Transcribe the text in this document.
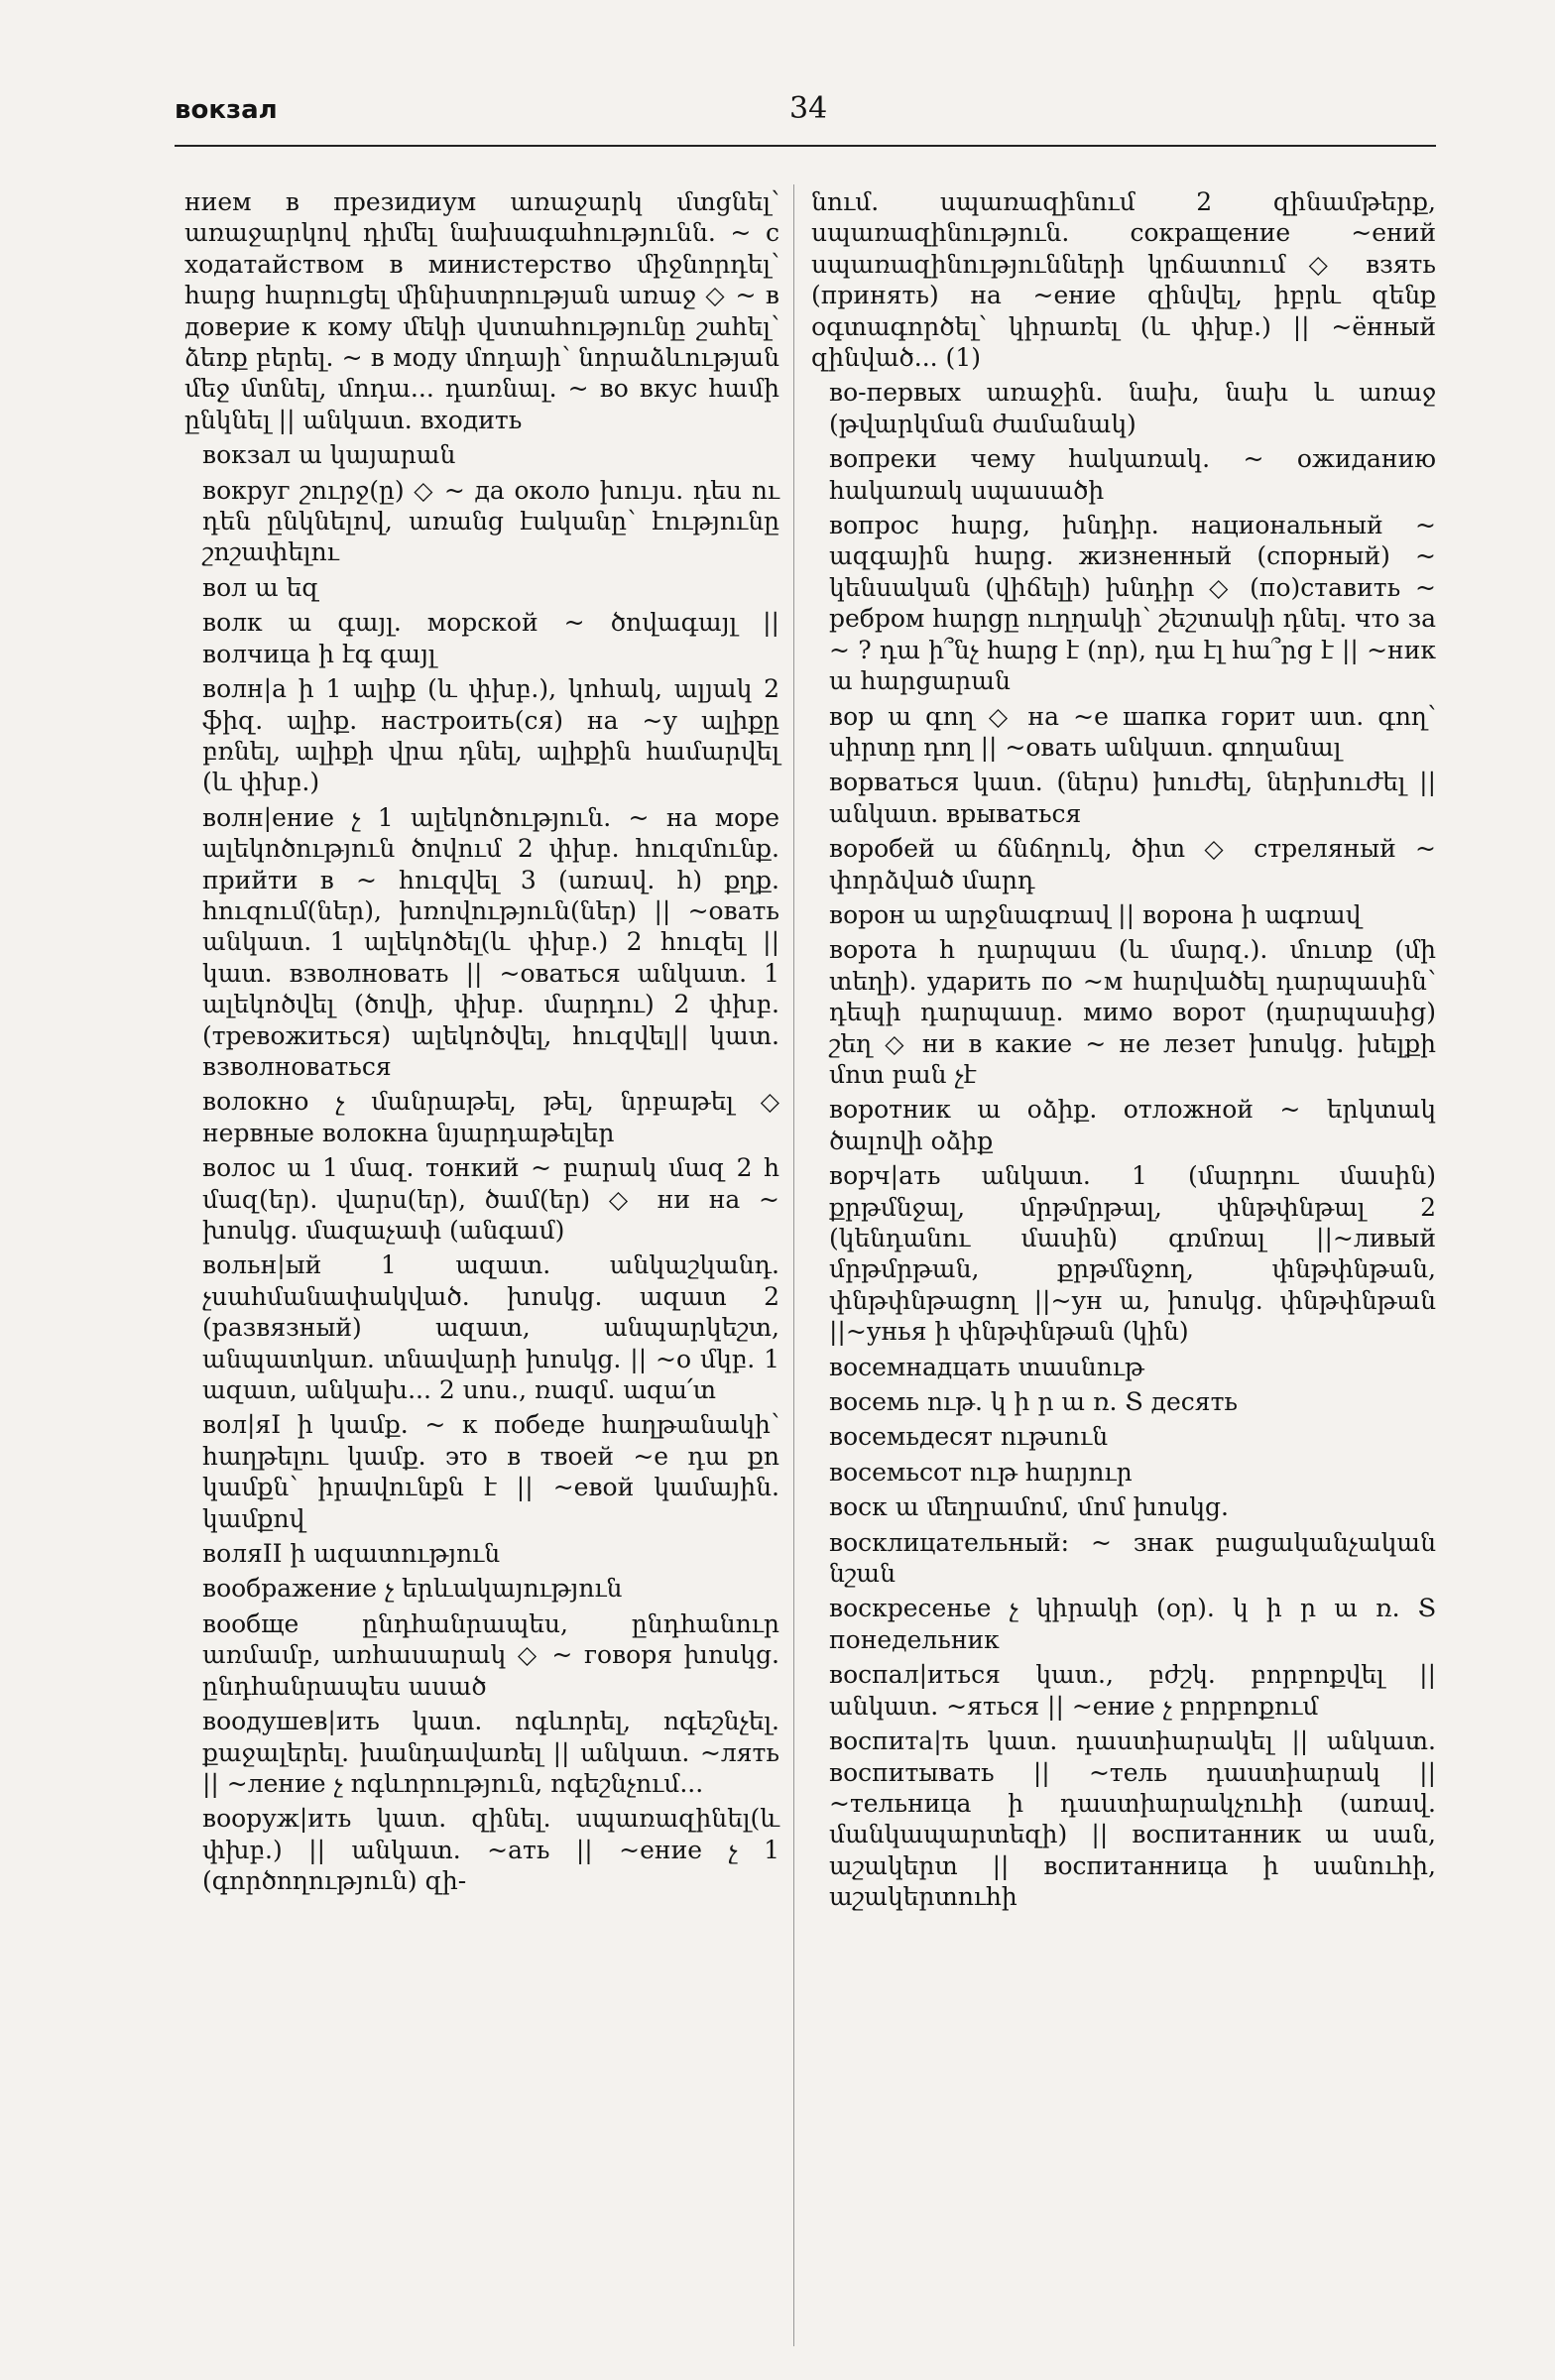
вокзал	34
нием в президиум առաջարկ մտցնել՝ առաջարկով դիմել նախագահությունն. ~ с ходатайством в министерство միջնորդել՝ հարց հարուցել մինիստրության առաջ ◇ ~ в доверие к кому մեկի վստահությունը շահել՝ ձեռք բերել. ~ в моду մոդայի՝ նորաձևության մեջ մտնել, մոդա... դառնալ. ~ во вкус համի ընկնել || անկատ. входить
вокзал ա կայարան
вокруг շուրջ(ը) ◇ ~ да около խույս. դես ու դեն ընկնելով, առանց էականը՝ էությունը շոշափելու
вол ա եզ
волк ա գայլ. морской ~ ծովագայլ || волчица ի էգ գայլ
волн|а ի 1 ալիք (և փխբ.), կոհակ, ալյակ 2 ֆիզ. ալիք. настроить(ся) на ~у ալիքը բռնել, ալիքի վրա դնել, ալիքին համարվել (և փխբ.)
волн|ение չ 1 ալեկոծություն. ~ на море ալեկոծություն ծովում 2 փխբ. հուզմունք. прийти в ~ հուզվել 3 (առավ. հ) քղք. հուզում(ներ), խռովություն(ներ) || ~овать անկատ. 1 ալեկոծել(և փխբ.) 2 հուզել || կատ. взволновать || ~оваться անկատ. 1 ալեկոծվել (ծովի, փխբ. մարդու) 2 փխբ. (тревожиться) ալեկոծվել, հուզվել|| կատ. взволноваться
волокно չ մանրաթել, թել, նրբաթել ◇ нервные волокна նյարդաթելեր
волос ա 1 մազ. тонкий ~ բարակ մազ 2 հ մազ(եր). վարս(եր), ծամ(եր) ◇ ни на ~ խոսկց. մազաչափ (անգամ)
вольн|ый 1 ազատ. անկաշկանդ. չսահմանափակված. խոսկց. ազատ 2 (развязный) ազատ, անպարկեշտ, անպատկառ. տնավարի խոսկց. || ~о մկբ. 1 ազատ, անկախ... 2 սոս., ռազմ. ազա՛տ
вол|яI ի կամք. ~ к победе հաղթանակի՝ հաղթելու կամք. это в твоей ~е դա քո կամքն՝ իրավունքն է || ~евой կամային. կամքով
воляII ի ազատություն
воображение չ երևակայություն
вообще ընդհանրապես, ընդհանուր առմամբ, առհասարակ ◇ ~ говоря խոսկց. ընդհանրապես ասած
воодушев|ить կատ. ոգևորել, ոգեշնչել. քաջալերել. խանդավառել || անկատ. ~лять || ~ление չ ոգևորություն, ոգեշնչում...
вооруж|ить կատ. զինել. սպառազինել(և փխբ.) || անկատ. ~ать || ~ение չ 1 (գործողություն) զի-
նում. սպառազինում 2 զինամթերք, սպառազինություն. сокращение ~ений սպառազինությունների կրճատում ◇ взять (принять) на ~ение զինվել, իբրև զենք օգտագործել՝ կիրառել (և փխբ.) || ~ённый զինված... (1)
во-первых առաջին. նախ, նախ և առաջ (թվարկման ժամանակ)
вопреки чему հակառակ. ~ ожиданию հակառակ սպասածի
вопрос հարց, խնդիր. национальный ~ ազգային հարց. жизненный (спорный) ~ կենսական (վիճելի) խնդիր ◇ (по)ставить ~ ребром հարցը ուղղակի՝ շեշտակի դնել. что за ~ ? դա ի՞նչ հարց է (որ), դա էլ հա՞րց է || ~ник ա հարցարան
вор ա գող ◇ на ~е шапка горит ատ. գող՝ սիրտը դող || ~овать անկատ. գողանալ
ворваться կատ. (ներս) խուժել, ներխուժել || անկատ. врываться
воробей ա ճնճղուկ, ծիտ ◇ стреляный ~ փորձված մարդ
ворон ա արջնագռավ || ворона ի ագռավ
ворота հ դարպաս (և մարզ.). մուտք (մի տեղի). ударить по ~м հարվածել դարպասին՝ դեպի դարպասը. мимо ворот (դարպասից) շեղ ◇ ни в какие ~ не лезет խոսկց. խելքի մոտ բան չէ
воротник ա օձիք. отложной ~ երկտակ ծալովի օձիք
ворч|ать անկատ. 1 (մարդու մասին) քրթմնջալ, մրթմրթալ, փնթփնթալ 2 (կենդանու մասին) գռմռալ ||~ливый մրթմրթան, քրթմնջող, փնթփնթան, փնթփնթացող ||~ун ա, խոսկց. փնթփնթան ||~унья ի փնթփնթան (կին)
восемнадцать տասնութ
восемь ութ. կ ի ր ա ռ. Տ десять
восемьдесят ութսուն
восемьсот ութ հարյուր
воск ա մեղրամոմ, մոմ խոսկց.
восклицательный: ~ знак բացականչական նշան
воскресенье չ կիրակի (օր). կ ի ր ա ռ. Տ понедельник
воспал|иться կատ., բժշկ. բորբոքվել || անկատ. ~яться || ~ение չ բորբոքում
воспита|ть կատ. դաստիարակել || անկատ. воспитывать || ~тель դաստիարակ || ~тельница ի դաստիարակչուհի (առավ. մանկապարտեզի) || воспитанник ա սան, աշակերտ || воспитанница ի սանուհի, աշակերտուհի
